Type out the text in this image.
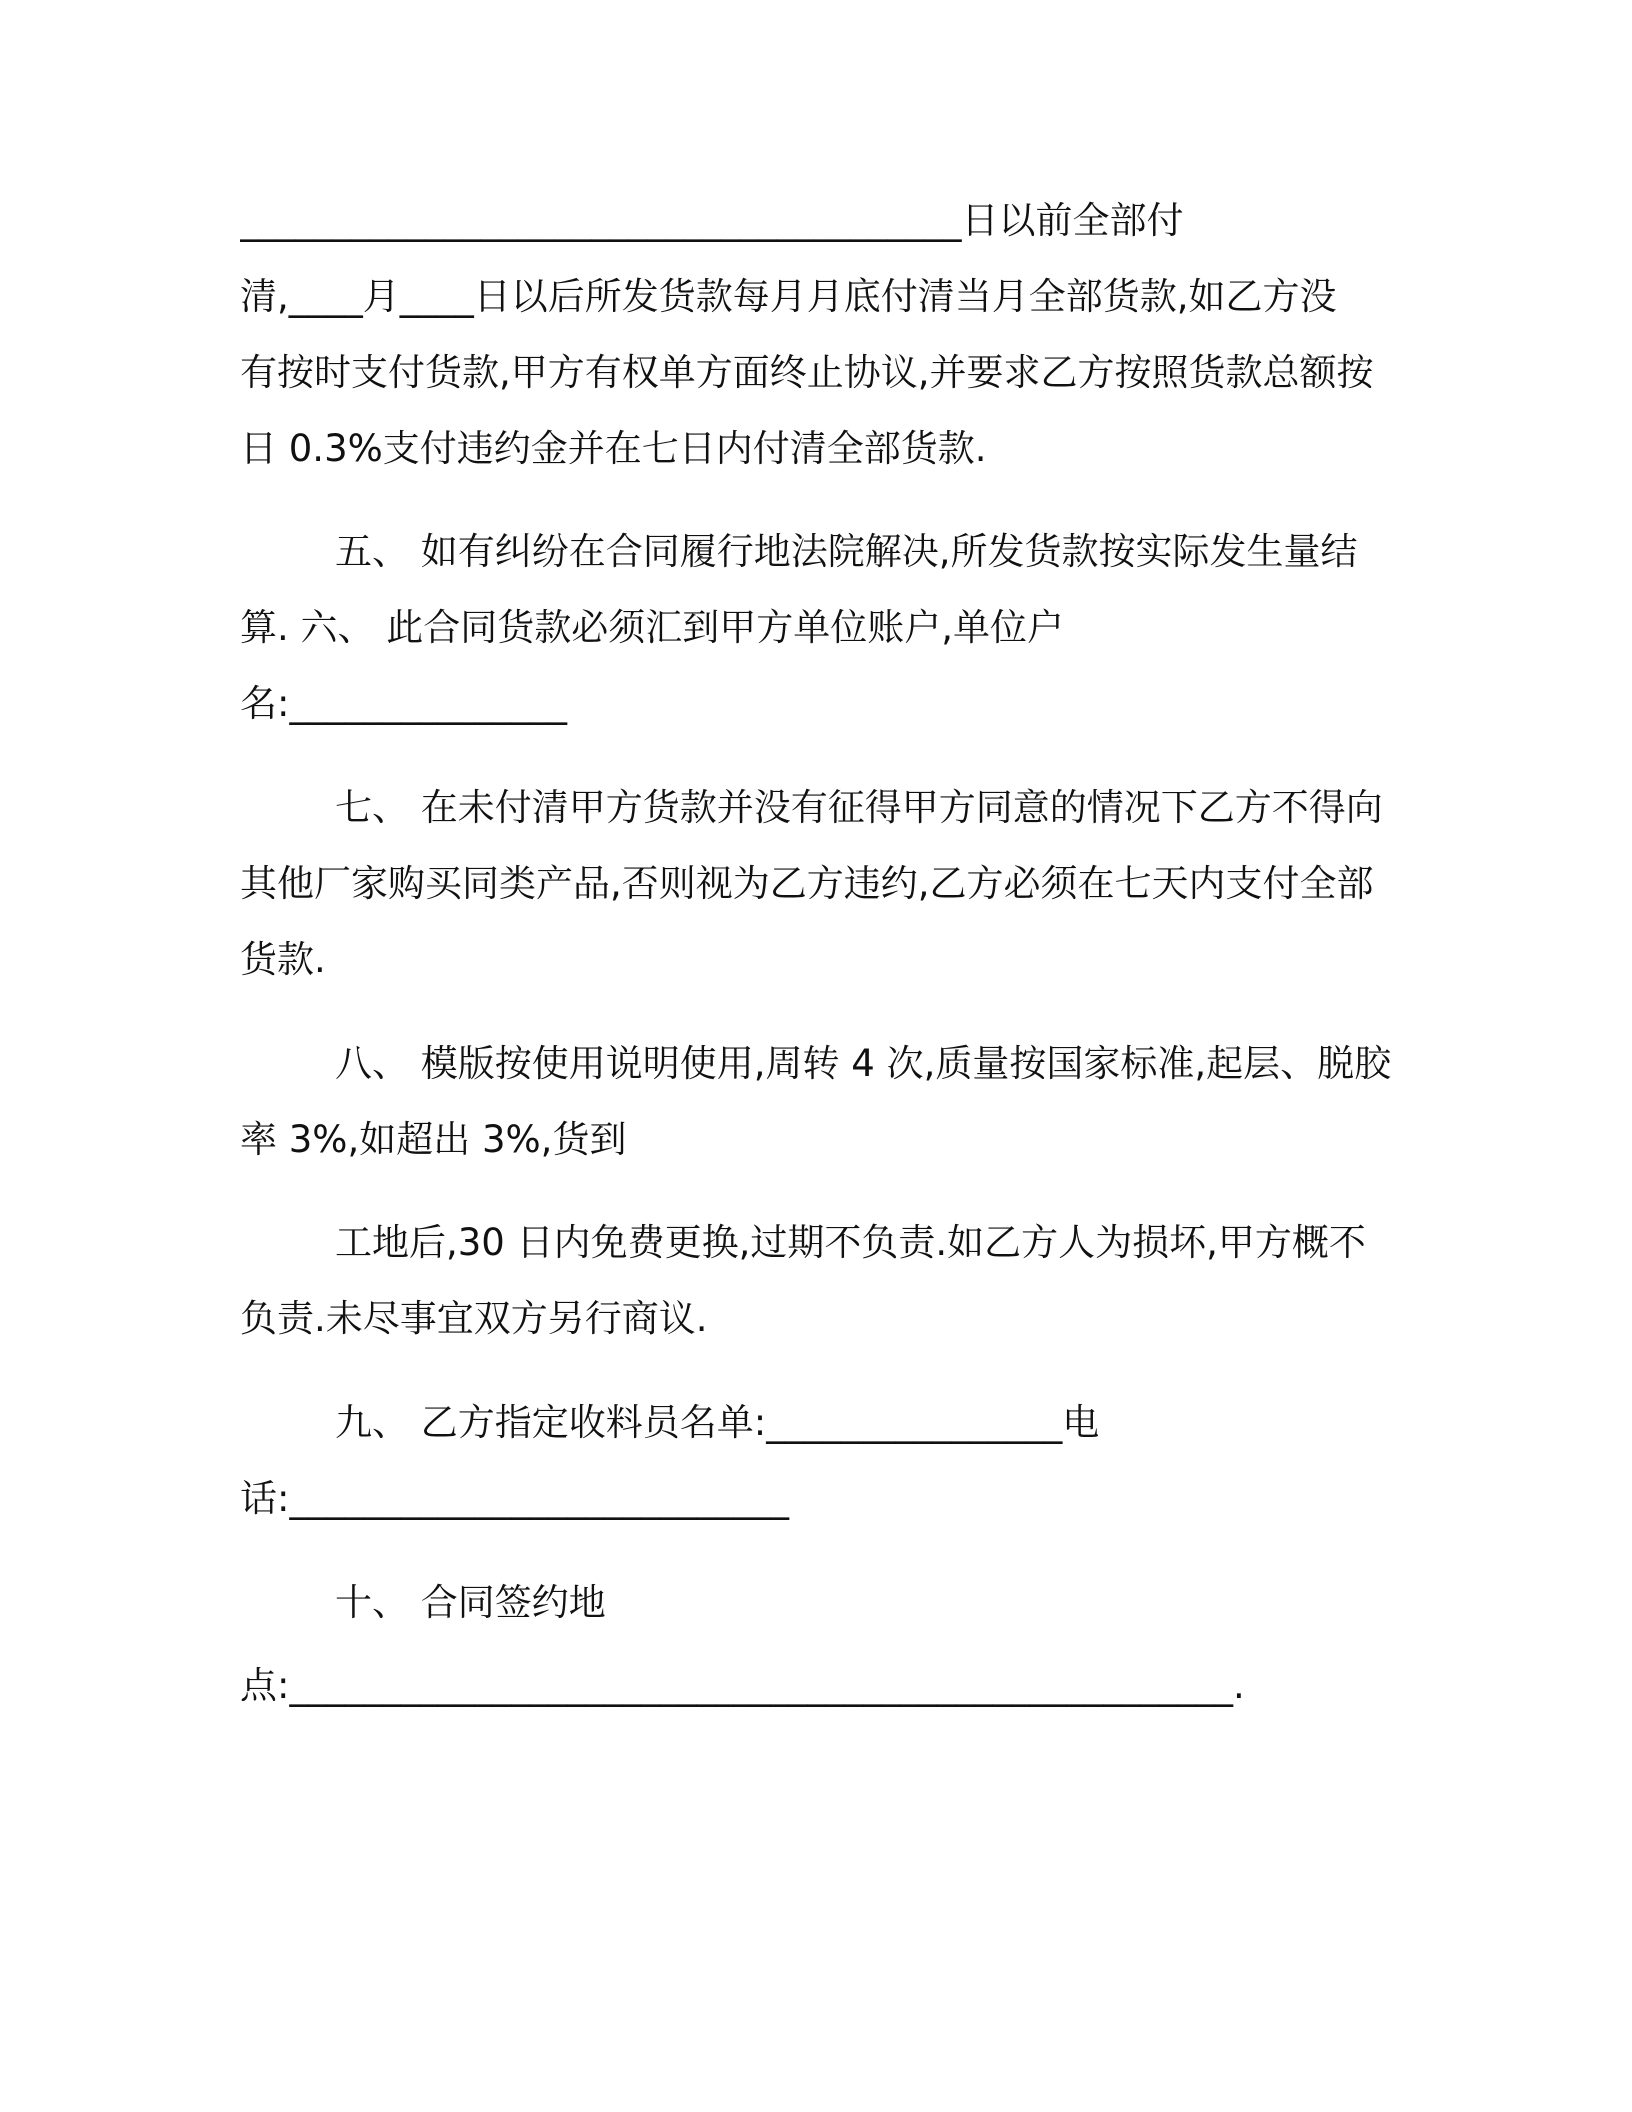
_______________________________________日以前全部付
清,____月____日以后所发货款每月月底付清当月全部货款,如乙方没
有按时支付货款,甲方有权单方面终止协议,并要求乙方按照货款总额按
日 0.3%支付违约金并在七日内付清全部货款.
五、 如有纠纷在合同履行地法院解决,所发货款按实际发生量结
算. 六、 此合同货款必须汇到甲方单位账户,单位户
名:_______________
七、 在未付清甲方货款并没有征得甲方同意的情况下乙方不得向
其他厂家购买同类产品,否则视为乙方违约,乙方必须在七天内支付全部
货款.
八、 模版按使用说明使用,周转 4 次,质量按国家标准,起层、脱胶
率 3%,如超出 3%,货到
工地后,30 日内免费更换,过期不负责.如乙方人为损坏,甲方概不
负责.未尽事宜双方另行商议.
九、 乙方指定收料员名单:________________电
话:___________________________
十、 合同签约地
点:___________________________________________________.
